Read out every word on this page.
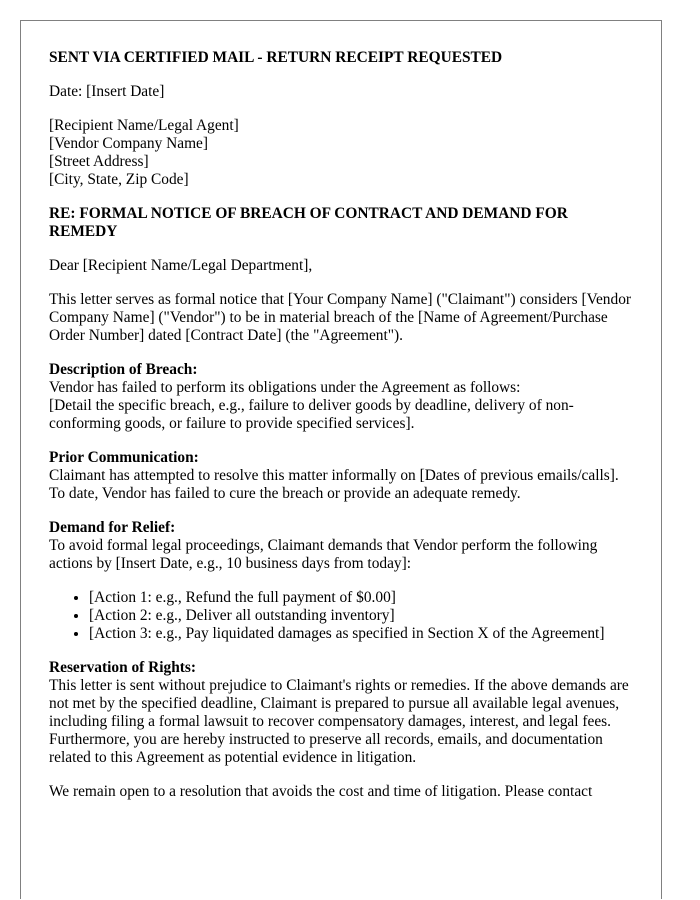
SENT VIA CERTIFIED MAIL - RETURN RECEIPT REQUESTED

Date: [Insert Date]

[Recipient Name/Legal Agent]
[Vendor Company Name]
[Street Address]
[City, State, Zip Code]

RE: FORMAL NOTICE OF BREACH OF CONTRACT AND DEMAND FOR REMEDY

Dear [Recipient Name/Legal Department],

This letter serves as formal notice that [Your Company Name] ("Claimant") considers [Vendor Company Name] ("Vendor") to be in material breach of the [Name of Agreement/Purchase Order Number] dated [Contract Date] (the "Agreement").

Description of Breach:
Vendor has failed to perform its obligations under the Agreement as follows:
[Detail the specific breach, e.g., failure to deliver goods by deadline, delivery of non-conforming goods, or failure to provide specified services].

Prior Communication:
Claimant has attempted to resolve this matter informally on [Dates of previous emails/calls]. To date, Vendor has failed to cure the breach or provide an adequate remedy.

Demand for Relief:
To avoid formal legal proceedings, Claimant demands that Vendor perform the following actions by [Insert Date, e.g., 10 business days from today]:

• [Action 1: e.g., Refund the full payment of $0.00]
• [Action 2: e.g., Deliver all outstanding inventory]
• [Action 3: e.g., Pay liquidated damages as specified in Section X of the Agreement]

Reservation of Rights:
This letter is sent without prejudice to Claimant's rights or remedies. If the above demands are not met by the specified deadline, Claimant is prepared to pursue all available legal avenues, including filing a formal lawsuit to recover compensatory damages, interest, and legal fees. Furthermore, you are hereby instructed to preserve all records, emails, and documentation related to this Agreement as potential evidence in litigation.

We remain open to a resolution that avoids the cost and time of litigation. Please contact
